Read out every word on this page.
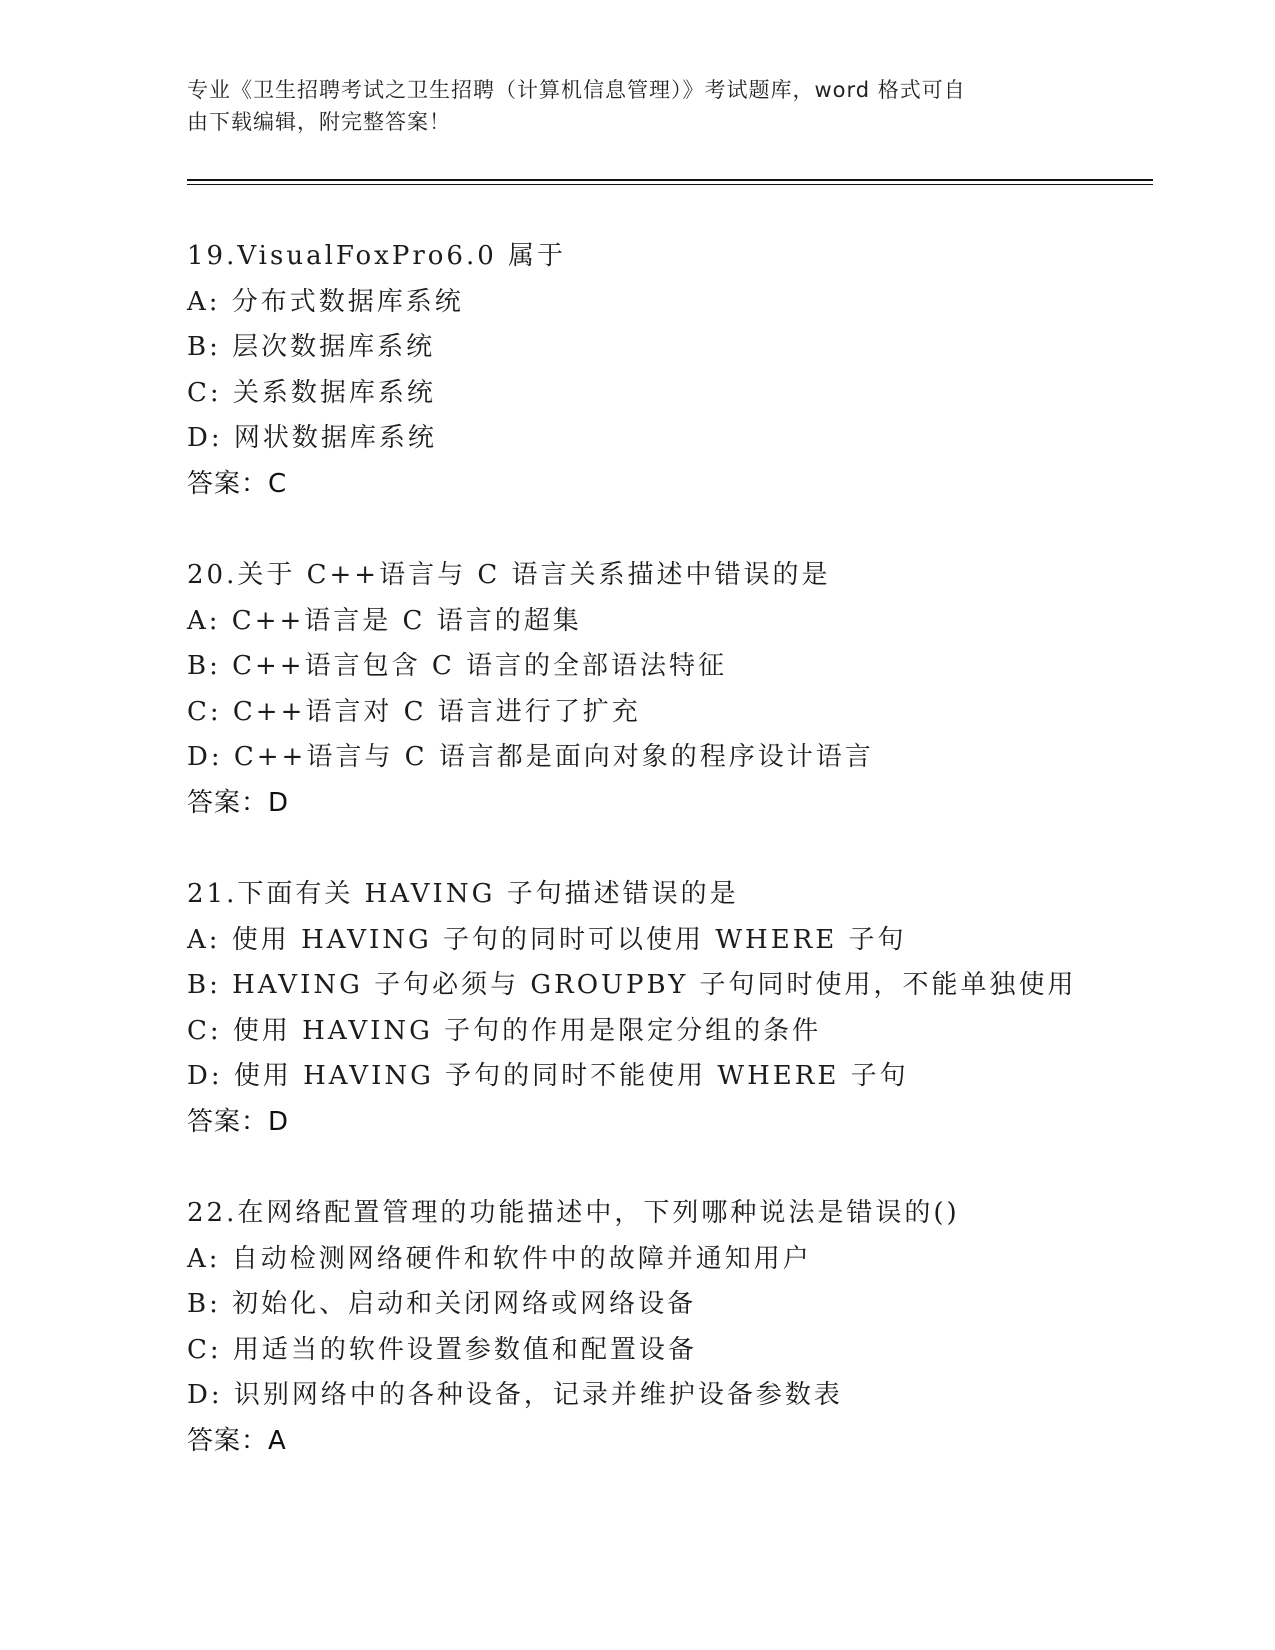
专业《卫生招聘考试之卫生招聘（计算机信息管理）》考试题库，word 格式可自
由下载编辑，附完整答案！
19.VisualFoxPro6.0 属于
A: 分布式数据库系统
B: 层次数据库系统
C: 关系数据库系统
D: 网状数据库系统
答案：C
20.关于 C++语言与 C 语言关系描述中错误的是
A: C++语言是 C 语言的超集
B: C++语言包含 C 语言的全部语法特征
C: C++语言对 C 语言进行了扩充
D: C++语言与 C 语言都是面向对象的程序设计语言
答案：D
21.下面有关 HAVING 子句描述错误的是
A: 使用 HAVING 子句的同时可以使用 WHERE 子句
B: HAVING 子句必须与 GROUPBY 子句同时使用，不能单独使用
C: 使用 HAVING 子句的作用是限定分组的条件
D: 使用 HAVING 予句的同时不能使用 WHERE 子句
答案：D
22.在网络配置管理的功能描述中，下列哪种说法是错误的()
A: 自动检测网络硬件和软件中的故障并通知用户
B: 初始化、启动和关闭网络或网络设备
C: 用适当的软件设置参数值和配置设备
D: 识别网络中的各种设备，记录并维护设备参数表
答案：A
